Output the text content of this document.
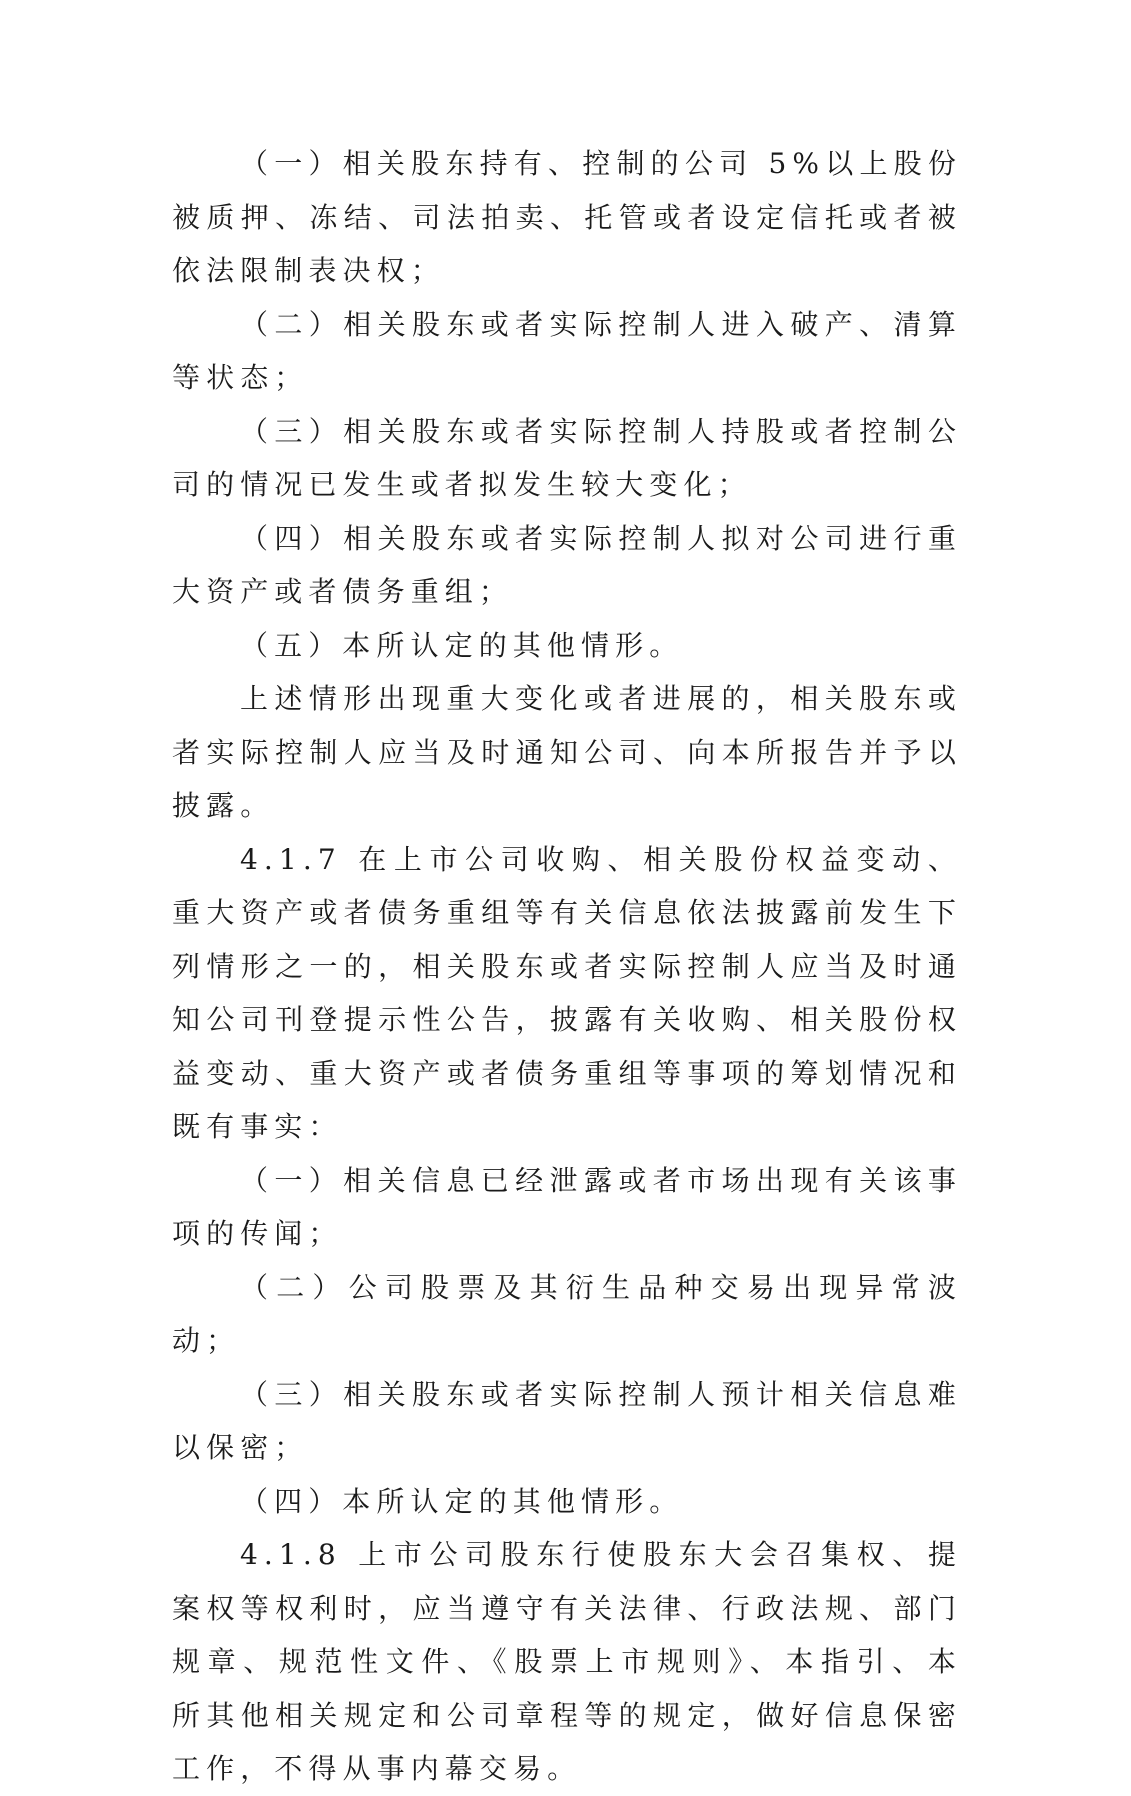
（一）相关股东持有、控制的公司 5%以上股份被质押、冻结、司法拍卖、托管或者设定信托或者被依法限制表决权；

（二）相关股东或者实际控制人进入破产、清算等状态；

（三）相关股东或者实际控制人持股或者控制公司的情况已发生或者拟发生较大变化；

（四）相关股东或者实际控制人拟对公司进行重大资产或者债务重组；

（五）本所认定的其他情形。

上述情形出现重大变化或者进展的，相关股东或者实际控制人应当及时通知公司、向本所报告并予以披露。

4.1.7 在上市公司收购、相关股份权益变动、重大资产或者债务重组等有关信息依法披露前发生下列情形之一的，相关股东或者实际控制人应当及时通知公司刊登提示性公告，披露有关收购、相关股份权益变动、重大资产或者债务重组等事项的筹划情况和既有事实：

（一）相关信息已经泄露或者市场出现有关该事项的传闻；

（二）公司股票及其衍生品种交易出现异常波动；

（三）相关股东或者实际控制人预计相关信息难以保密；

（四）本所认定的其他情形。

4.1.8 上市公司股东行使股东大会召集权、提案权等权利时，应当遵守有关法律、行政法规、部门规章、规范性文件、《股票上市规则》、本指引、本所其他相关规定和公司章程等的规定，做好信息保密工作，不得从事内幕交易。
